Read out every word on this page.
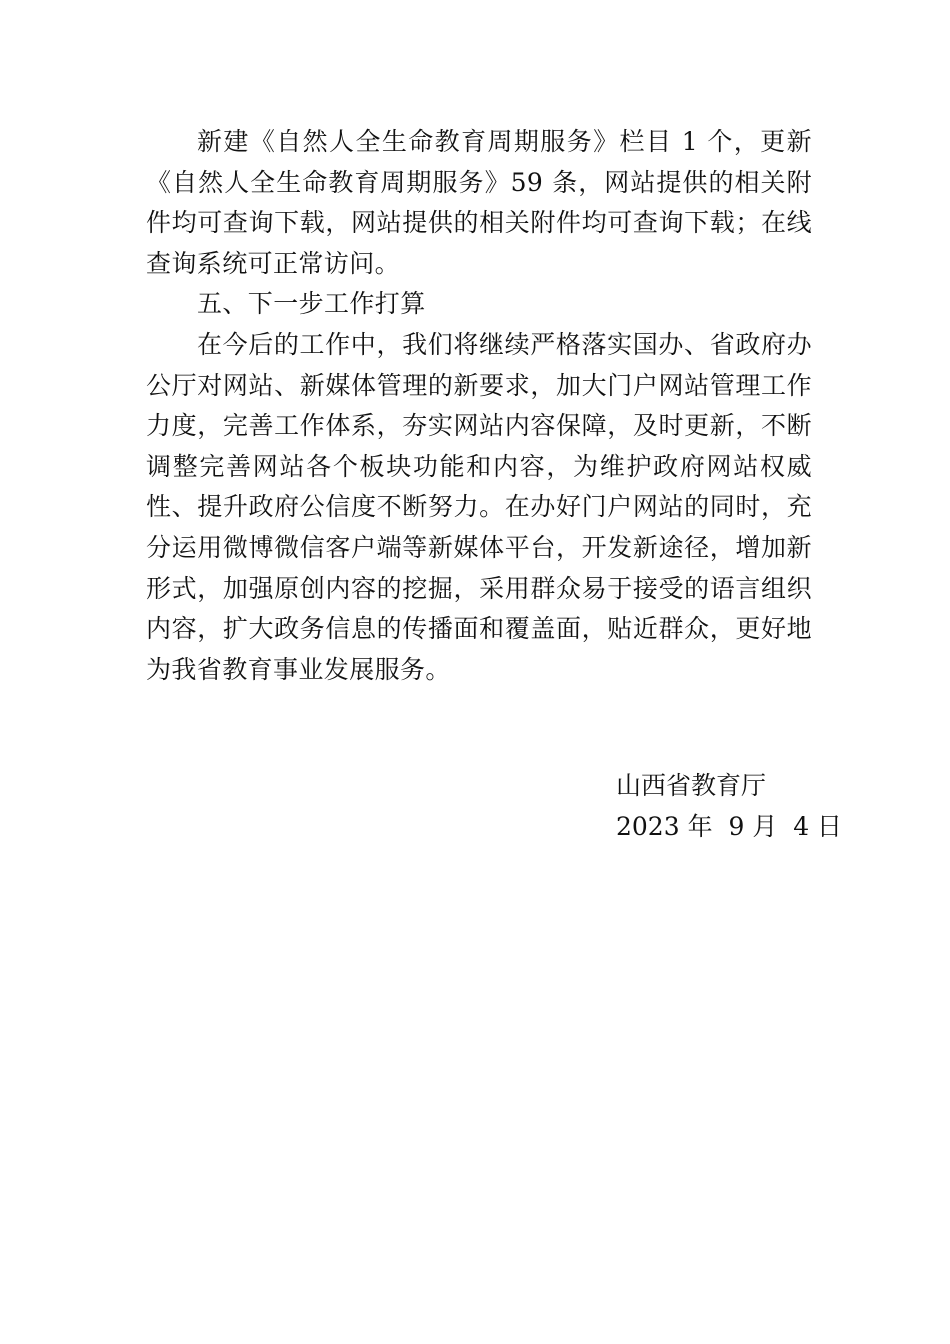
新建《自然人全生命教育周期服务》栏目 1 个，更新《自然人全生命教育周期服务》59 条，网站提供的相关附件均可查询下载，网站提供的相关附件均可查询下载；在线查询系统可正常访问。

五、下一步工作打算

在今后的工作中，我们将继续严格落实国办、省政府办公厅对网站、新媒体管理的新要求，加大门户网站管理工作力度，完善工作体系，夯实网站内容保障，及时更新，不断调整完善网站各个板块功能和内容，为维护政府网站权威性、提升政府公信度不断努力。在办好门户网站的同时，充分运用微博微信客户端等新媒体平台，开发新途径，增加新形式，加强原创内容的挖掘，采用群众易于接受的语言组织内容，扩大政务信息的传播面和覆盖面，贴近群众，更好地为我省教育事业发展服务。

山西省教育厅
2023 年  9 月  4 日
